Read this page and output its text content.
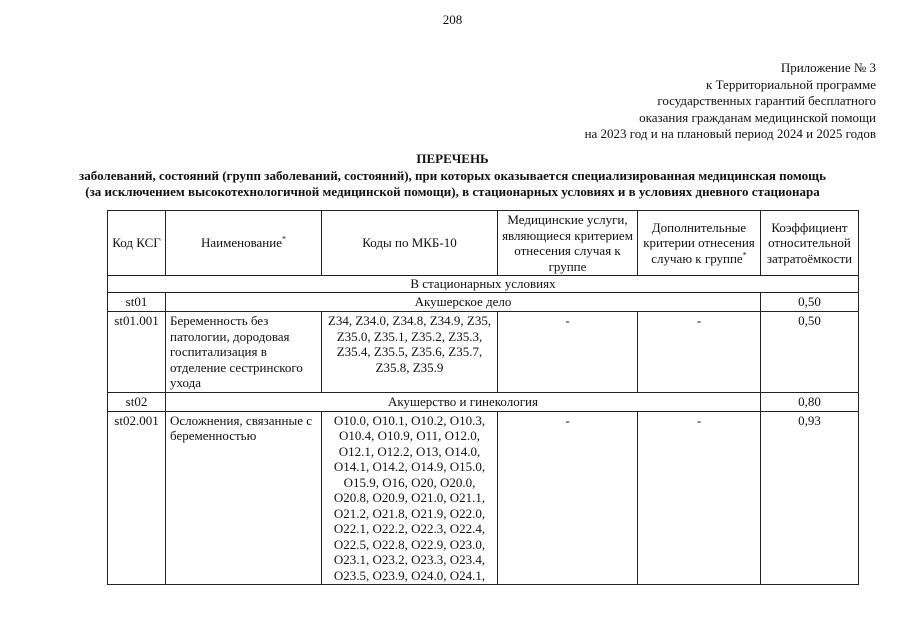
208
Приложение № 3
к Территориальной программе
государственных гарантий бесплатного
оказания гражданам медицинской помощи
на 2023 год и на плановый период 2024 и 2025 годов
ПЕРЕЧЕНЬ
заболеваний, состояний (групп заболеваний, состояний), при которых оказывается специализированная медицинская помощь
(за исключением высокотехнологичной медицинской помощи), в стационарных условиях и в условиях дневного стационара
Код КСГ	Наименование*	Коды по МКБ-10	Медицинские услуги, являющиеся критерием отнесения случая к группе	Дополнительные критерии отнесения случаю к группе*	Коэффициент относительной затратоёмкости
В стационарных условиях					
st01	Акушерское дело				0,50
st01.001	Беременность без патологии, дородовая госпитализация в отделение сестринского ухода	Z34, Z34.0, Z34.8, Z34.9, Z35, Z35.0, Z35.1, Z35.2, Z35.3, Z35.4, Z35.5, Z35.6, Z35.7, Z35.8, Z35.9	-	-	0,50
st02	Акушерство и гинекология				0,80
st02.001	Осложнения, связанные с беременностью	O10.0, O10.1, O10.2, O10.3, O10.4, O10.9, O11, O12.0, O12.1, O12.2, O13, O14.0, O14.1, O14.2, O14.9, O15.0, O15.9, O16, O20, O20.0, O20.8, O20.9, O21.0, O21.1, O21.2, O21.8, O21.9, O22.0, O22.1, O22.2, O22.3, O22.4, O22.5, O22.8, O22.9, O23.0, O23.1, O23.2, O23.3, O23.4, O23.5, O23.9, O24.0, O24.1,	-	-	0,93
